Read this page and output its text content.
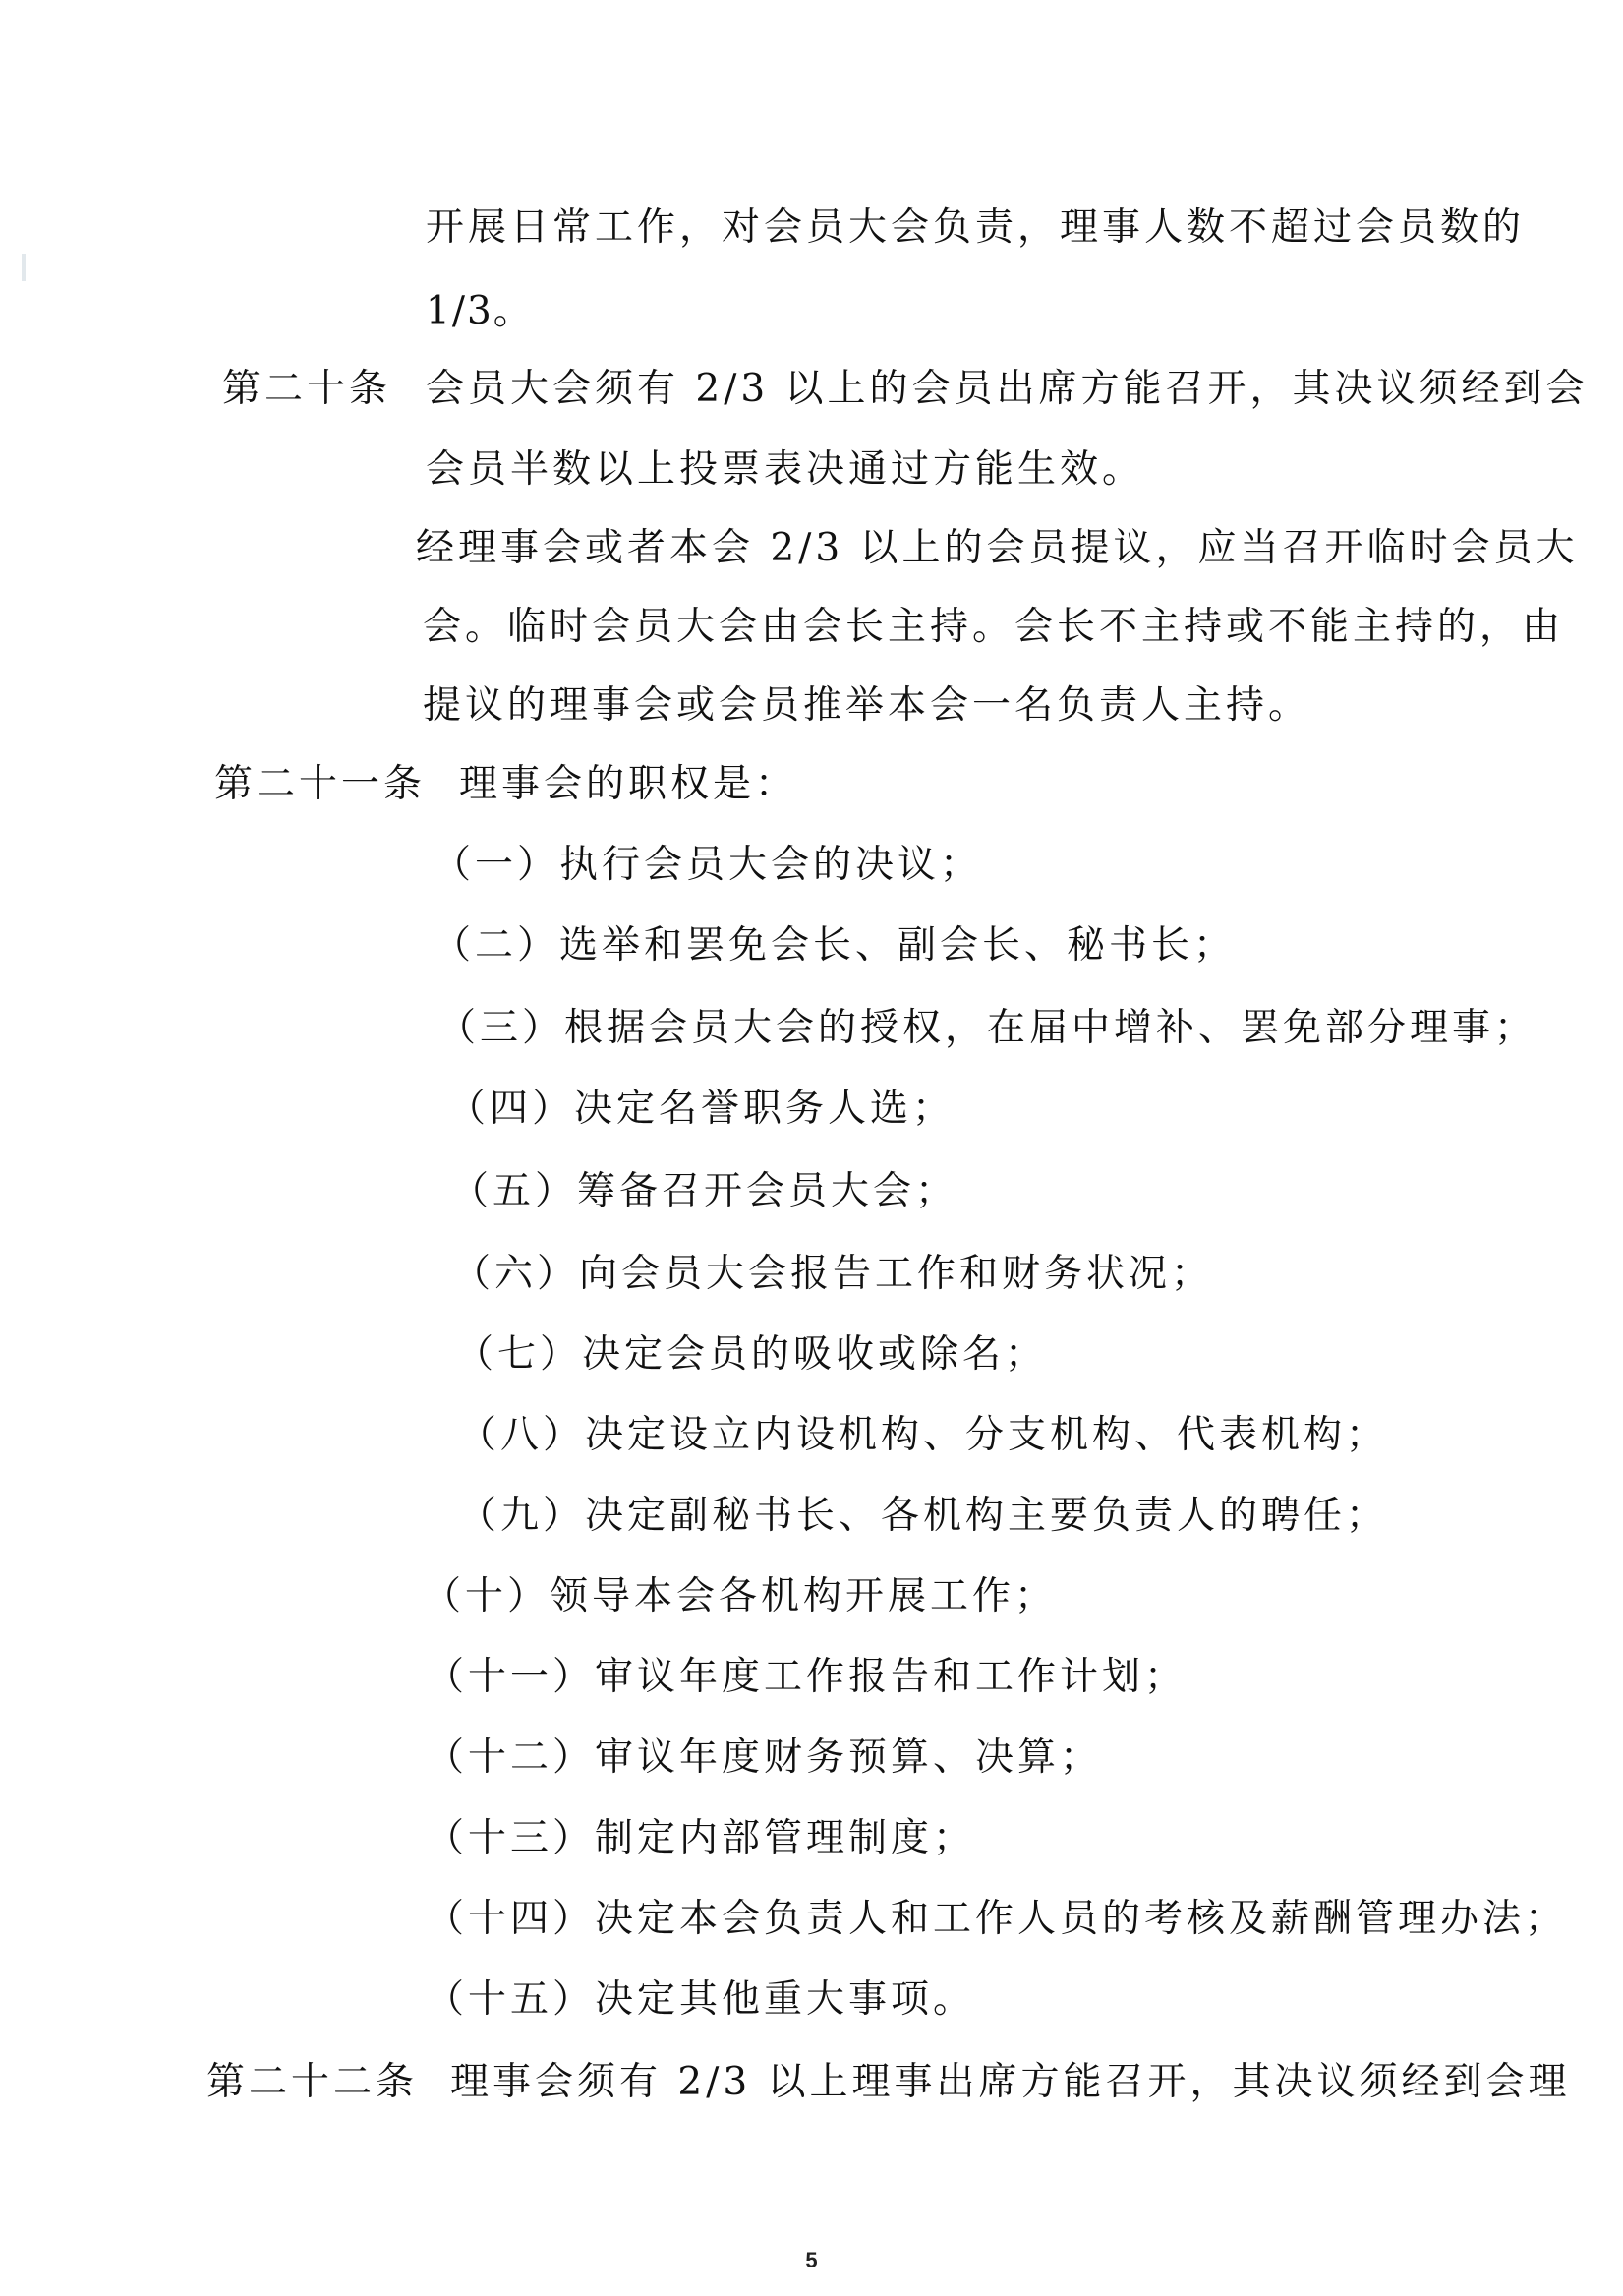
开展日常工作，对会员大会负责，理事人数不超过会员数的
1/3。
第二十条 会员大会须有 2/3 以上的会员出席方能召开，其决议须经到会
会员半数以上投票表决通过方能生效。
经理事会或者本会 2/3 以上的会员提议，应当召开临时会员大
会。临时会员大会由会长主持。会长不主持或不能主持的，由
提议的理事会或会员推举本会一名负责人主持。
第二十一条 理事会的职权是：
（一）执行会员大会的决议；
（二）选举和罢免会长、副会长、秘书长；
（三）根据会员大会的授权，在届中增补、罢免部分理事；
（四）决定名誉职务人选；
（五）筹备召开会员大会；
（六）向会员大会报告工作和财务状况；
（七）决定会员的吸收或除名；
（八）决定设立内设机构、分支机构、代表机构；
（九）决定副秘书长、各机构主要负责人的聘任；
（十）领导本会各机构开展工作；
（十一）审议年度工作报告和工作计划；
（十二）审议年度财务预算、决算；
（十三）制定内部管理制度；
（十四）决定本会负责人和工作人员的考核及薪酬管理办法；
（十五）决定其他重大事项。
第二十二条 理事会须有 2/3 以上理事出席方能召开，其决议须经到会理
5
